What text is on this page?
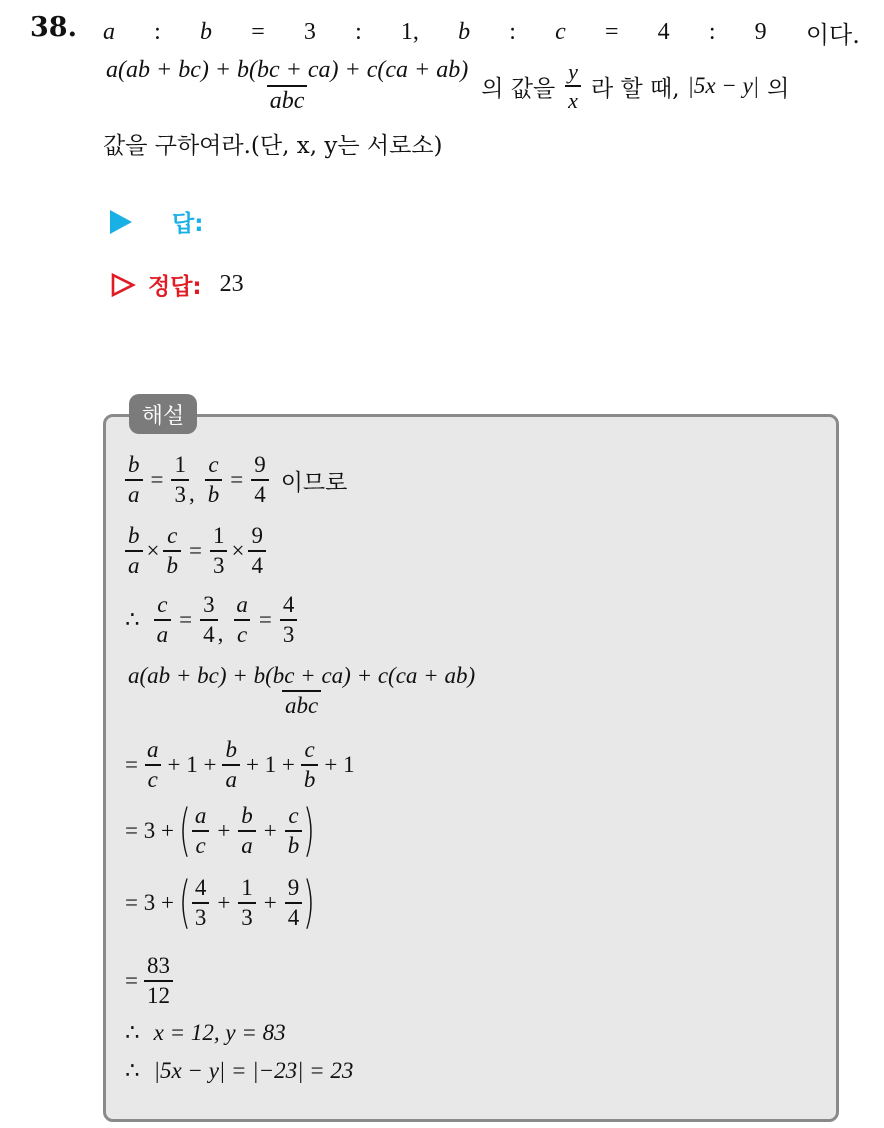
38. a : b = 3 : 1, b : c = 4 : 9 이다.
$\frac{a(ab + bc) + b(bc + ca) + c(ca + ab)}{\text{abc}}$ 의 값을 $\frac{y}{x}$ 라 할 때, |5x − y| 의
값을 구하여라.(단, x, y는 서로소)
답:
정답: 23
해설
$\frac{b}{a} = \frac{1}{3}$ , $\frac{c}{b} = \frac{9}{4}$ 이므로
$\frac{b}{a} \times \frac{c}{b} = \frac{1}{3} \times \frac{9}{4}$
∴ $\frac{c}{a} = \frac{3}{4}$ , $\frac{a}{c} = \frac{4}{3}$
$\frac{a(ab + bc) + b(bc + ca) + c(ca + ab)}{\text{abc}}$
= $\frac{a}{c} + 1 + \frac{b}{a} + 1 + \frac{c}{b} + 1$
= 3 + ( $\frac{a}{c} + \frac{b}{a} + \frac{c}{b}$ )
= 3 + ( $\frac{4}{3} + \frac{1}{3} + \frac{9}{4}$ )
= $\frac{83}{12}$
∴ x = 12, y = 83
∴ |5x − y| = |−23| = 23
